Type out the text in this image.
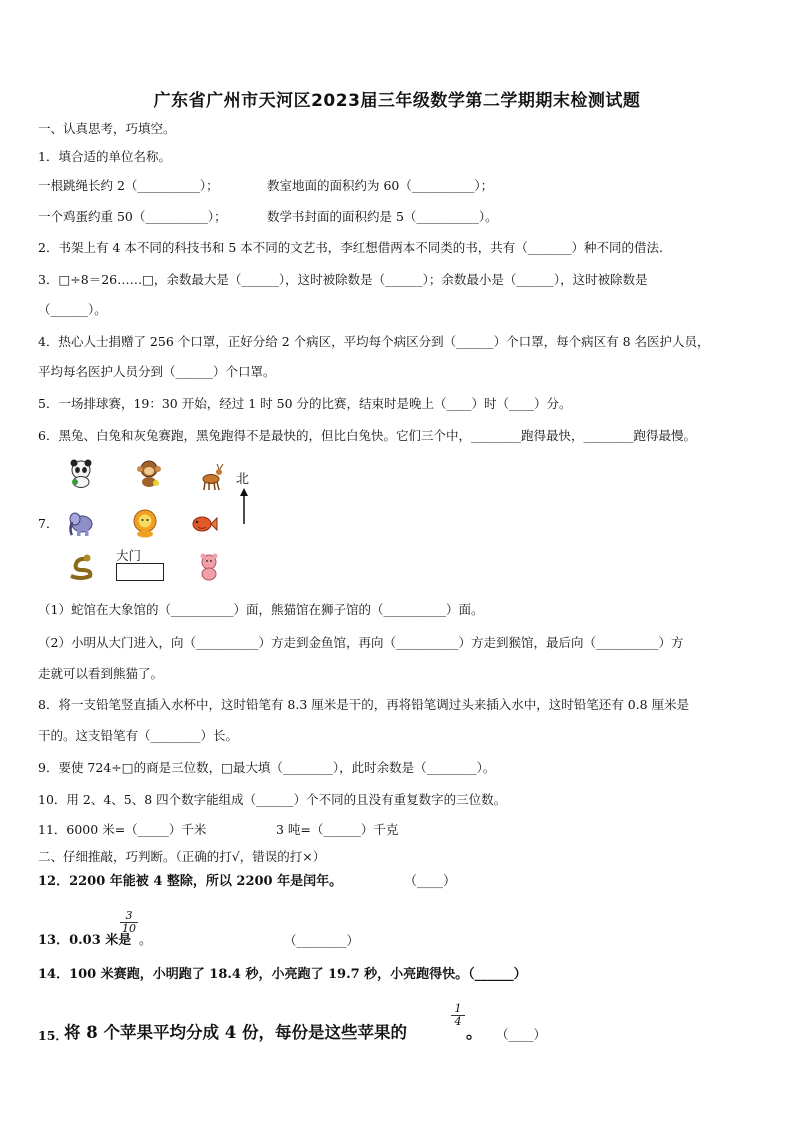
广东省广州市天河区2023届三年级数学第二学期期末检测试题
一、认真思考，巧填空。
1．填合适的单位名称。
一根跳绳长约 2（__________）；	教室地面的面积约为 60（__________）；
一个鸡蛋约重 50（__________）；	数学书封面的面积约是 5（__________）。
2．书架上有 4 本不同的科技书和 5 本不同的文艺书，李红想借两本不同类的书，共有（_______）种不同的借法.
3．□÷8＝26……□，余数最大是（______），这时被除数是（______）；余数最小是（______），这时被除数是
（______）。
4．热心人士捐赠了 256 个口罩，正好分给 2 个病区，平均每个病区分到（______）个口罩，每个病区有 8 名医护人员，
平均每名医护人员分到（______）个口罩。
5．一场排球赛，19：30 开始，经过 1 时 50 分的比赛，结束时是晚上（____）时（____）分。
6．黑兔、白兔和灰兔赛跑，黑兔跑得不是最快的，但比白兔快。它们三个中，________跑得最快，________跑得最慢。
7．
北
大门
（1）蛇馆在大象馆的（__________）面，熊猫馆在狮子馆的（__________）面。
（2）小明从大门进入，向（__________）方走到金鱼馆，再向（__________）方走到猴馆，最后向（__________）方
走就可以看到熊猫了。
8．将一支铅笔竖直插入水杯中，这时铅笔有 8.3 厘米是干的，再将铅笔调过头来插入水中，这时铅笔还有 0.8 厘米是
干的。这支铅笔有（________）长。
9．要使 724÷□的商是三位数，□最大填（________），此时余数是（________）。
10．用 2、4、5、8 四个数字能组成（______）个不同的且没有重复数字的三位数。
11．6000 米=（_____）千米	3 吨=（______）千克
二、仔细推敲，巧判断。（正确的打√，错误的打×）
12．2200 年能被 4 整除，所以 2200 年是闰年。	（____）
13．0.03 米是
$\frac{3}{10}$
。	（________）
14．100 米赛跑，小明跑了 18.4 秒，小亮跑了 19.7 秒，小亮跑得快。（______）
15．
将 8 个苹果平均分成 4 份，每份是这些苹果的
$\frac{1}{4}$
。 （____）
